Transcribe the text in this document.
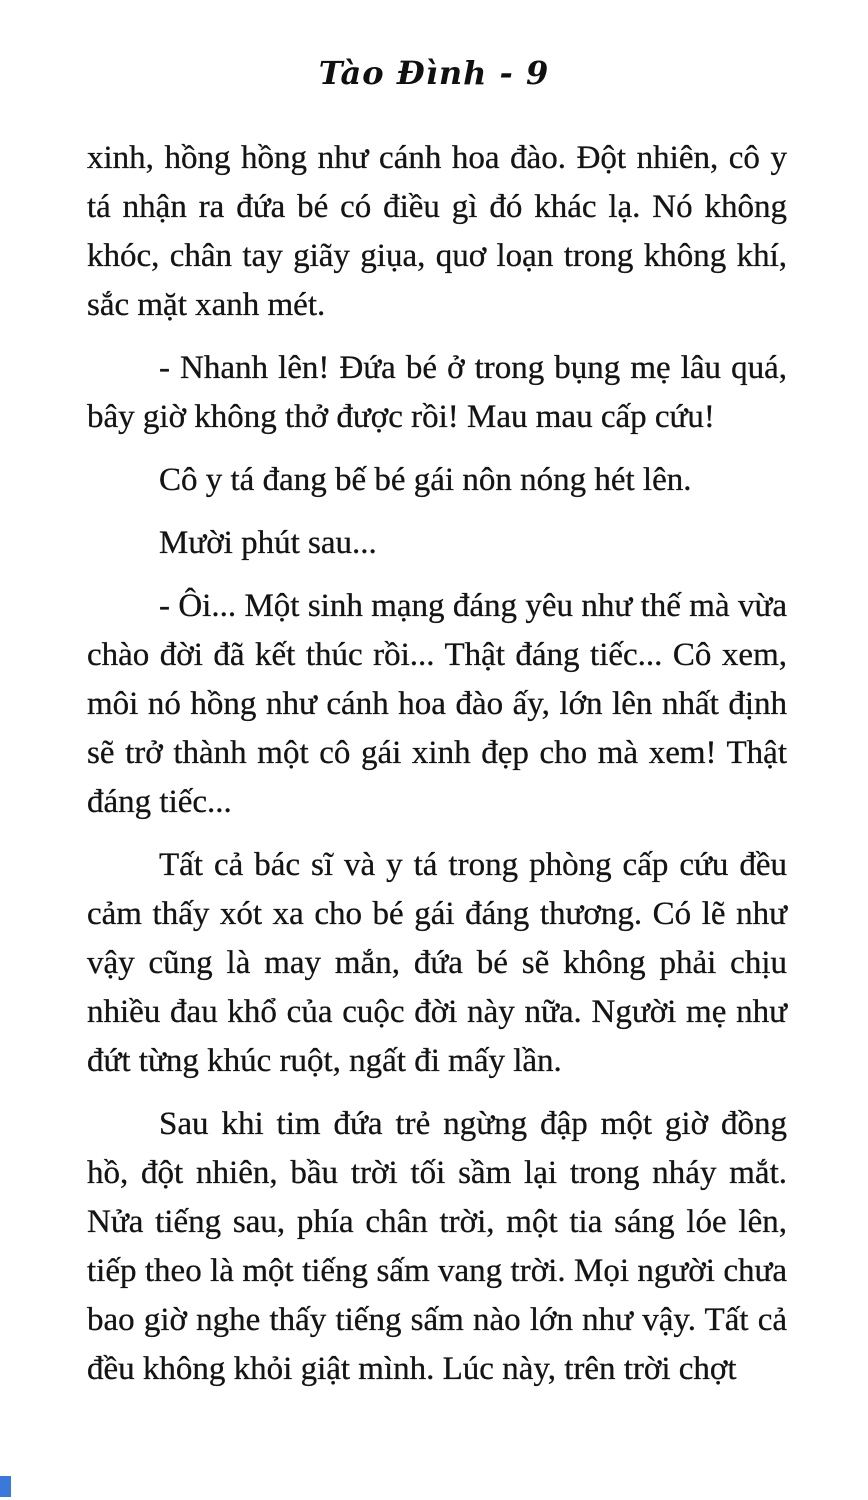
Tào Đình - 9

xinh, hồng hồng như cánh hoa đào. Đột nhiên, cô y tá nhận ra đứa bé có điều gì đó khác lạ. Nó không khóc, chân tay giãy giụa, quơ loạn trong không khí, sắc mặt xanh mét.

- Nhanh lên! Đứa bé ở trong bụng mẹ lâu quá, bây giờ không thở được rồi! Mau mau cấp cứu!

Cô y tá đang bế bé gái nôn nóng hét lên.

Mười phút sau...

- Ôi... Một sinh mạng đáng yêu như thế mà vừa chào đời đã kết thúc rồi... Thật đáng tiếc... Cô xem, môi nó hồng như cánh hoa đào ấy, lớn lên nhất định sẽ trở thành một cô gái xinh đẹp cho mà xem! Thật đáng tiếc...

Tất cả bác sĩ và y tá trong phòng cấp cứu đều cảm thấy xót xa cho bé gái đáng thương. Có lẽ như vậy cũng là may mắn, đứa bé sẽ không phải chịu nhiều đau khổ của cuộc đời này nữa. Người mẹ như đứt từng khúc ruột, ngất đi mấy lần.

Sau khi tim đứa trẻ ngừng đập một giờ đồng hồ, đột nhiên, bầu trời tối sầm lại trong nháy mắt. Nửa tiếng sau, phía chân trời, một tia sáng lóe lên, tiếp theo là một tiếng sấm vang trời. Mọi người chưa bao giờ nghe thấy tiếng sấm nào lớn như vậy. Tất cả đều không khỏi giật mình. Lúc này, trên trời chợt
